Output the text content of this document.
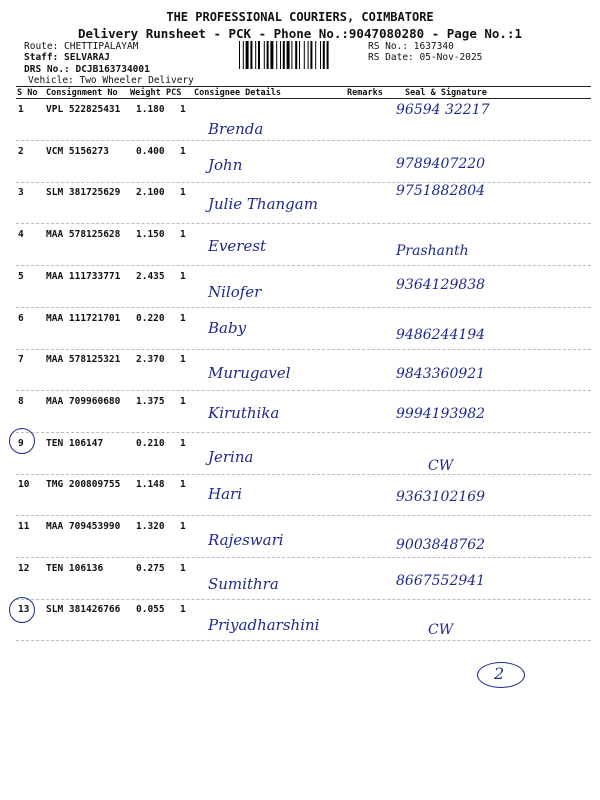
THE PROFESSIONAL COURIERS, COIMBATORE
Delivery Runsheet - PCK - Phone No.:9047080280 - Page No.:1
Route: CHETTIPALAYAM
Staff: SELVARAJ
DRS No.: DCJB163734001
Vehicle: Two Wheeler Delivery
RS No.: 1637340
RS Date: 05-Nov-2025
S No Consignment No Weight PCS Consignee Details	Remarks	Seal & Signature
1 VPL 522825431 1.180 1
Brenda
96594 32217
2 VCM 5156273	0.400 1
John	9789407220
3 SLM 381725629 2.100 1
Julie Thangam
9751882804
4 MAA 578125628 1.150 1
Everest	Prashanth
5 MAA 111733771 2.435 1
Nilofer	9364129838
6 MAA 111721701 0.220 1
Baby	9486244194
7 MAA 578125321 2.370 1
Murugavel	9843360921
8 MAA 709960680 1.375 1
Kiruthika	9994193982
9 TEN 106147	0.210 1
Jerina	CW
10 TMG 200809755 1.148 1
Hari	9363102169
11 MAA 709453990 1.320 1
Rajeswari	9003848762
12 TEN 106136	0.275 1
Sumithra	8667552941
13 SLM 381426766 0.055 1
Priyadharshini	CW
2
